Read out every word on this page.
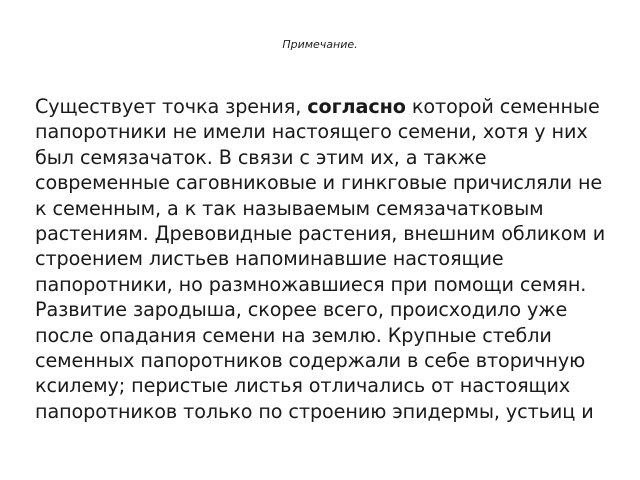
Примечание.
Существует точка зрения, согласно которой семенные папоротники не имели настоящего семени, хотя у них был семязачаток. В связи с этим их, а также современные саговниковые и гинкговые причисляли не к семенным, а к так называемым семязачатковым растениям. Древовидные растения, внешним обликом и строением листьев напоминавшие настоящие папоротники, но размножавшиеся при помощи семян. Развитие зародыша, скорее всего, происходило уже после опадания семени на землю. Крупные стебли семенных папоротников содержали в себе вторичную ксилему; перистые листья отличались от настоящих папоротников только по строению эпидермы, устьиц и
